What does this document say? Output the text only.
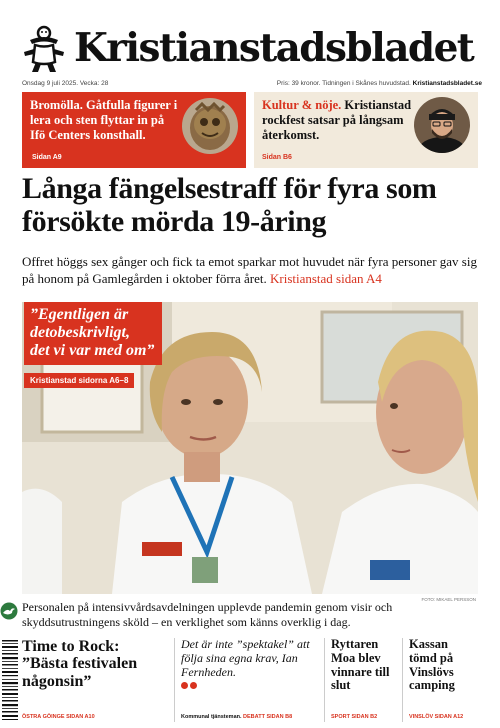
Kristianstadsbladet
Onsdag 9 juli 2025. Vecka: 28	Pris: 39 kronor. Tidningen i Skånes huvudstad. Kristianstadsbladet.se
Bromölla. Gåtfulla figurer i lera och sten flyttar in på Ifö Centers konsthall.
Sidan A9
Kultur & nöje. Kristianstad rockfest satsar på långsam återkomst.
Sidan B6
Långa fängelsestraff för fyra som försökte mörda 19-åring
Offret höggs sex gånger och fick ta emot sparkar mot huvudet när fyra personer gav sig på honom på Gamlegården i oktober förra året. Kristianstad sidan A4
”Egentligen är
detobeskrivligt,
det vi var med om”
Kristianstad sidorna A6–8
FOTO: MIKAEL PERSSON
Personalen på intensivvårdsavdelningen upplevde pandemin genom visir och skyddsutrustningens sköld – en verklighet som känns overklig i dag.
Time to Rock: ”Bästa festivalen någonsin”
ÖSTRA GÖINGE SIDAN A10
Det är inte ”spektakel” att följa sina egna krav, Ian Fernheden.
Kommunal tjänsteman. DEBATT SIDAN B8
Ryttaren Moa blev vinnare till slut
SPORT SIDAN B2
Kassan tömd på Vinslövs camping
VINSLÖV SIDAN A12
